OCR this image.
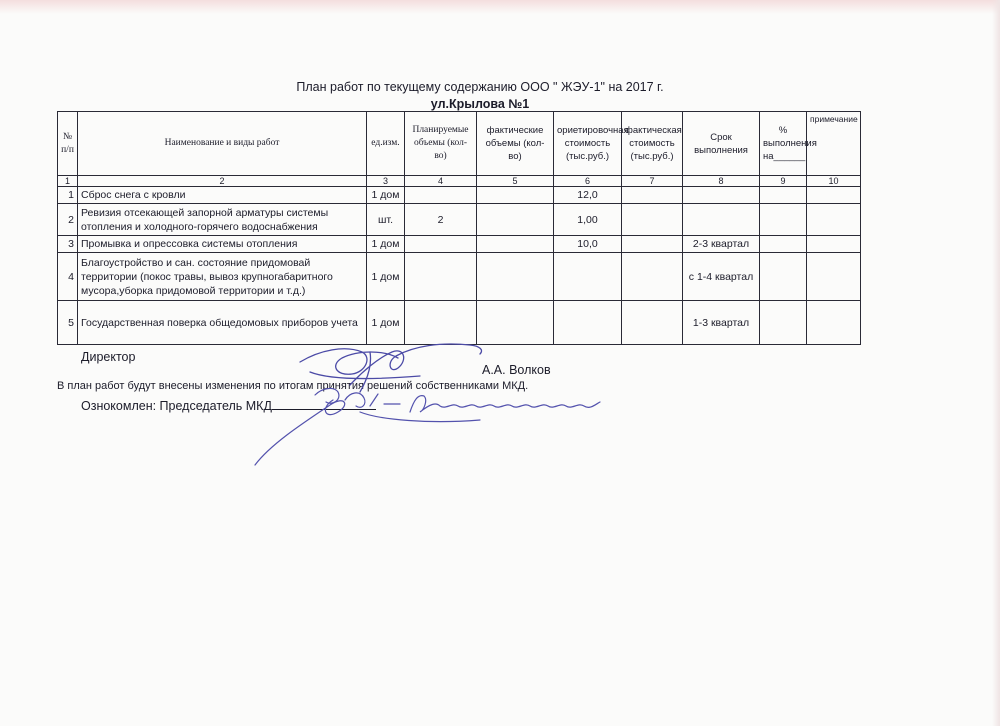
План работ по текущему содержанию ООО " ЖЭУ-1" на 2017 г.
ул.Крылова №1
№ п/п	Наименование и виды работ	ед.изм.	Планируемые объемы (кол-во)	фактические объемы (кол-во)	ориетировочная стоимость (тыс.руб.)	фактическая стоимость (тыс.руб.)	Срок выполнения	% выполнения на______	примечание
1	2	3	4	5	6	7	8	9	10
1	Сброс снега с кровли	1 дом			12,0				
2	Ревизия отсекающей запорной арматуры системы отопления и холодного-горячего водоснабжения	шт.	2		1,00				
3	Промывка и опрессовка системы отопления	1 дом			10,0		2-3 квартал		
4	Благоустройство и сан. состояние придомовай территории (покос травы, вывоз крупногабаритного мусора,уборка придомовой территории и т.д.)	1 дом					с 1-4 квартал		
5	Государственная поверка общедомовых приборов учета	1 дом					1-3 квартал		
Директор
А.А. Волков
В план работ будут внесены изменения по итогам принятия решений собственниками МКД.
Ознокомлен: Председатель МКД
